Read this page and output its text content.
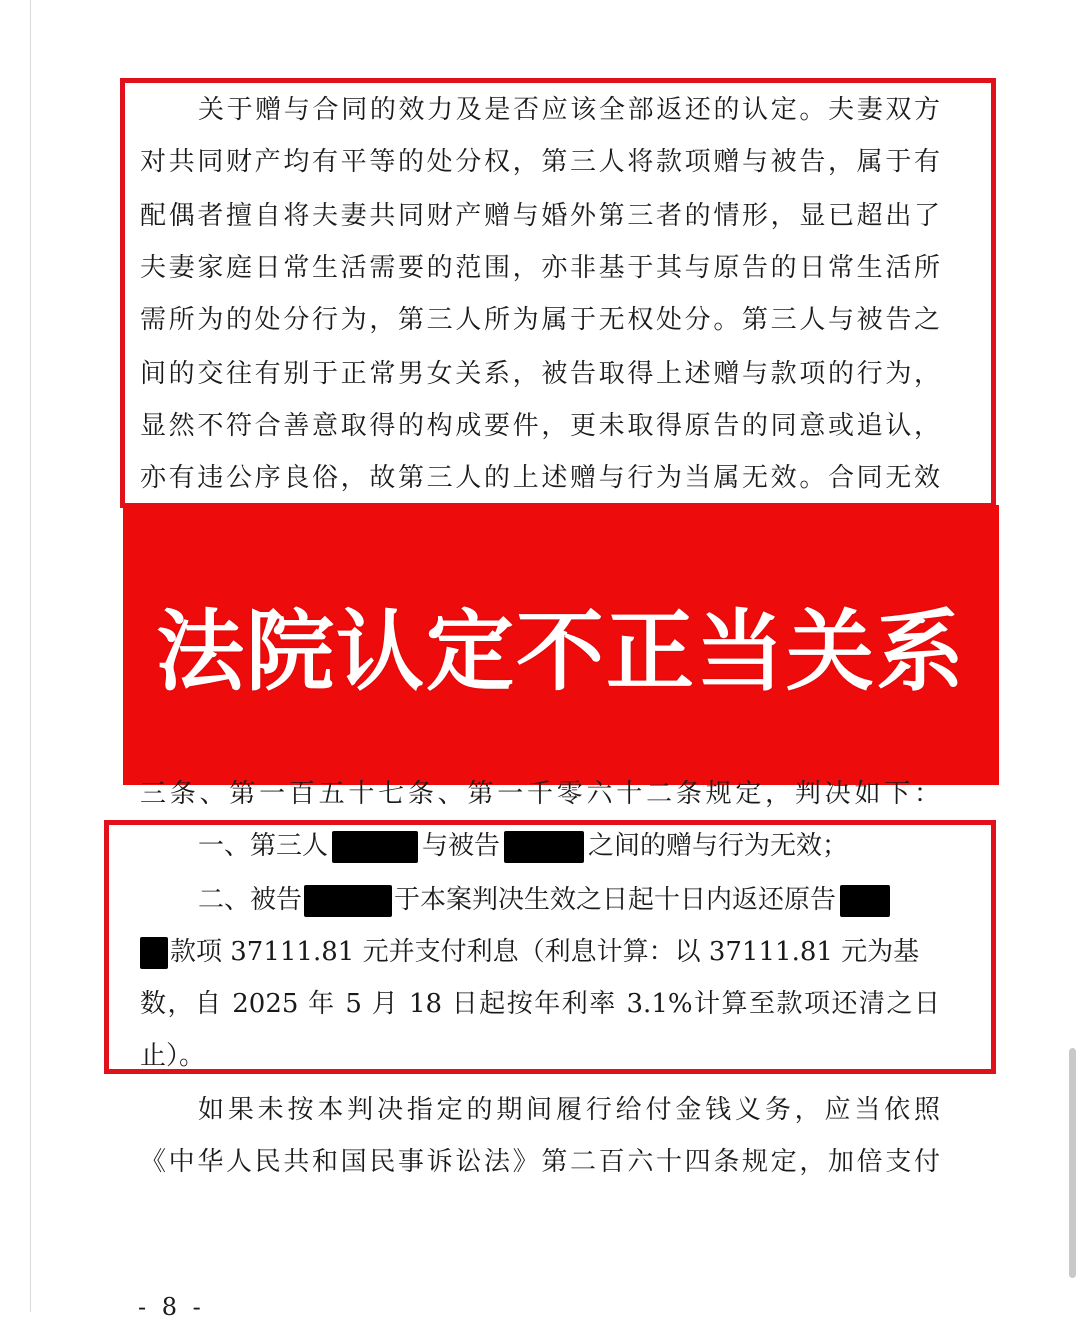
关于赠与合同的效力及是否应该全部返还的认定。夫妻双方
对共同财产均有平等的处分权，第三人将款项赠与被告，属于有
配偶者擅自将夫妻共同财产赠与婚外第三者的情形，显已超出了
夫妻家庭日常生活需要的范围，亦非基于其与原告的日常生活所
需所为的处分行为，第三人所为属于无权处分。第三人与被告之
间的交往有别于正常男女关系，被告取得上述赠与款项的行为，
显然不符合善意取得的构成要件，更未取得原告的同意或追认，
亦有违公序良俗，故第三人的上述赠与行为当属无效。合同无效
法院认定不正当关系
三条、第一百五十七条、第一千零六十二条规定，判决如下：
一、第三人	与被告	之间的赠与行为无效；
二、被告	于本案判决生效之日起十日内返还原告
款项 37111.81 元并支付利息（利息计算：以 37111.81 元为基
数，自 2025 年 5 月 18 日起按年利率 3.1%计算至款项还清之日
止）。
如果未按本判决指定的期间履行给付金钱义务，应当依照
《中华人民共和国民事诉讼法》第二百六十四条规定，加倍支付
- 8 -
